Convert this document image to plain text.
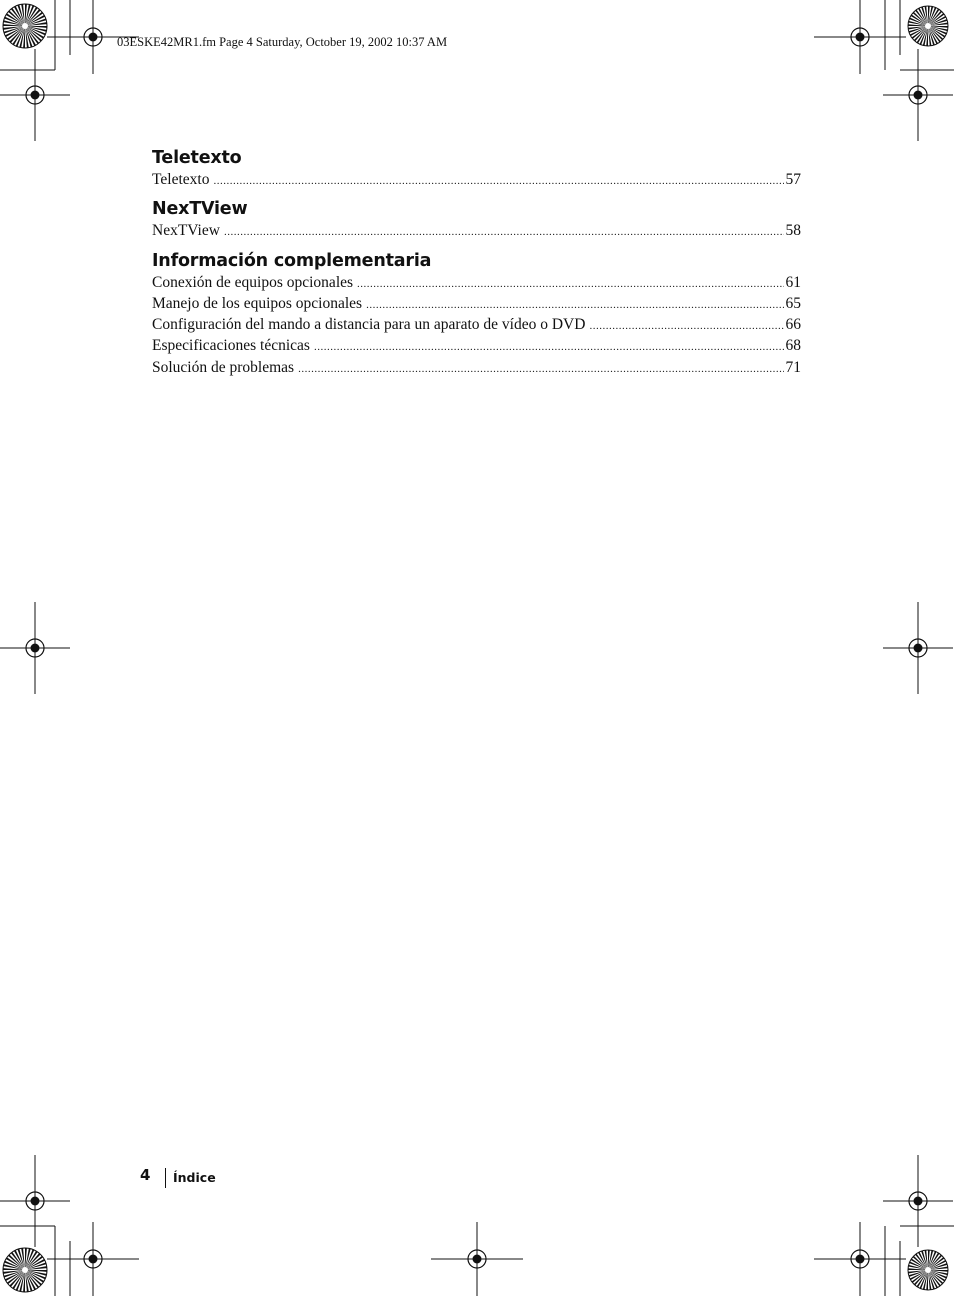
03ESKE42MR1.fm Page 4 Saturday, October 19, 2002 10:37 AM
Teletexto
Teletexto .....	57
NexTView
NexTView .....	58
Información complementaria
Conexión de equipos opcionales .....	61
Manejo de los equipos opcionales .....	65
Configuración del mando a distancia para un aparato de vídeo o DVD .....	66
Especificaciones técnicas .....	68
Solución de problemas .....	71
4 Índice
